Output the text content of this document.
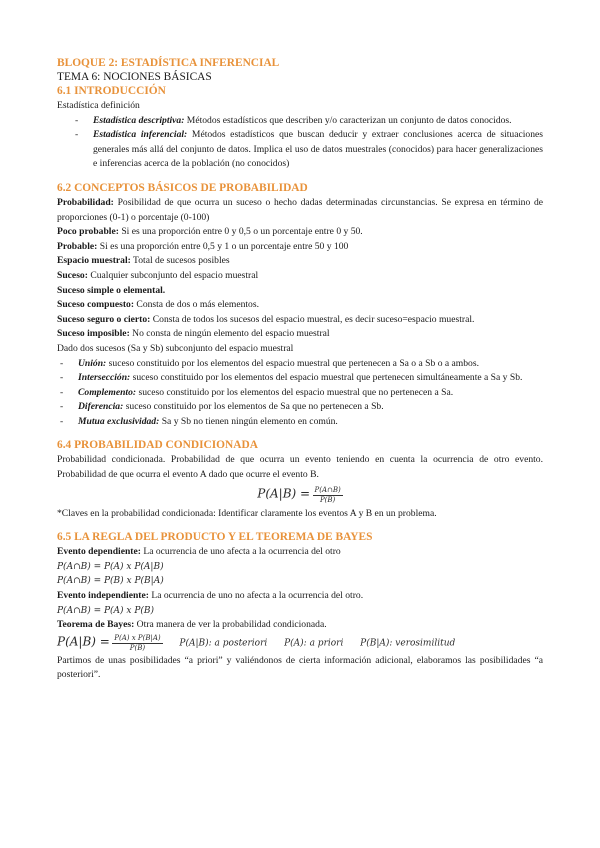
BLOQUE 2: ESTADÍSTICA INFERENCIAL
TEMA 6: NOCIONES BÁSICAS
6.1 INTRODUCCIÓN

Estadística definición

- Estadística descriptiva: Métodos estadísticos que describen y/o caracterizan un conjunto de datos conocidos.
- Estadística inferencial: Métodos estadísticos que buscan deducir y extraer conclusiones acerca de situaciones generales más allá del conjunto de datos. Implica el uso de datos muestrales (conocidos) para hacer generalizaciones e inferencias acerca de la población (no conocidos)
6.2 CONCEPTOS BÁSICOS DE PROBABILIDAD

Probabilidad: Posibilidad de que ocurra un suceso o hecho dadas determinadas circunstancias. Se expresa en término de proporciones (0-1) o porcentaje (0-100)

Poco probable: Si es una proporción entre 0 y 0,5 o un porcentaje entre 0 y 50.

Probable: Si es una proporción entre 0,5 y 1 o un porcentaje entre 50 y 100

Espacio muestral: Total de sucesos posibles

Suceso: Cualquier subconjunto del espacio muestral

Suceso simple o elemental.

Suceso compuesto: Consta de dos o más elementos.

Suceso seguro o cierto: Consta de todos los sucesos del espacio muestral, es decir suceso=espacio muestral.

Suceso imposible: No consta de ningún elemento del espacio muestral

Dado dos sucesos (Sa y Sb) subconjunto del espacio muestral

- Unión: suceso constituido por los elementos del espacio muestral que pertenecen a Sa o a Sb o a ambos.
- Intersección: suceso constituido por los elementos del espacio muestral que pertenecen simultáneamente a Sa y Sb.
- Complemento: suceso constituido por los elementos del espacio muestral que no pertenecen a Sa.
- Diferencia: suceso constituido por los elementos de Sa que no pertenecen a Sb.
- Mutua exclusividad: Sa y Sb no tienen ningún elemento en común.
6.4 PROBABILIDAD CONDICIONADA

Probabilidad condicionada. Probabilidad de que ocurra un evento teniendo en cuenta la ocurrencia de otro evento. Probabilidad de que ocurra el evento A dado que ocurre el evento B.

$P(A|B) = \frac{P(A\cap B)}{P(B)}$

*Claves en la probabilidad condicionada: Identificar claramente los eventos A y B en un problema.

6.5 LA REGLA DEL PRODUCTO Y EL TEOREMA DE BAYES

Evento dependiente: La ocurrencia de uno afecta a la ocurrencia del otro

P(A∩B) = P(A) x P(A|B)

P(A∩B) = P(B) x P(B|A)

Evento independiente: La ocurrencia de uno no afecta a la ocurrencia del otro.

P(A∩B) = P(A) x P(B)

Teorema de Bayes: Otra manera de ver la probabilidad condicionada.

$P(A|B) = \frac{\text{P(A) x P(B|A)}}{P(B)} P(A|B)$: a posteriori P(A): a priori P(B|A): verosimilitud

Partimos de unas posibilidades “a priori” y valiéndonos de cierta información adicional, elaboramos las posibilidades “a posteriori”.
